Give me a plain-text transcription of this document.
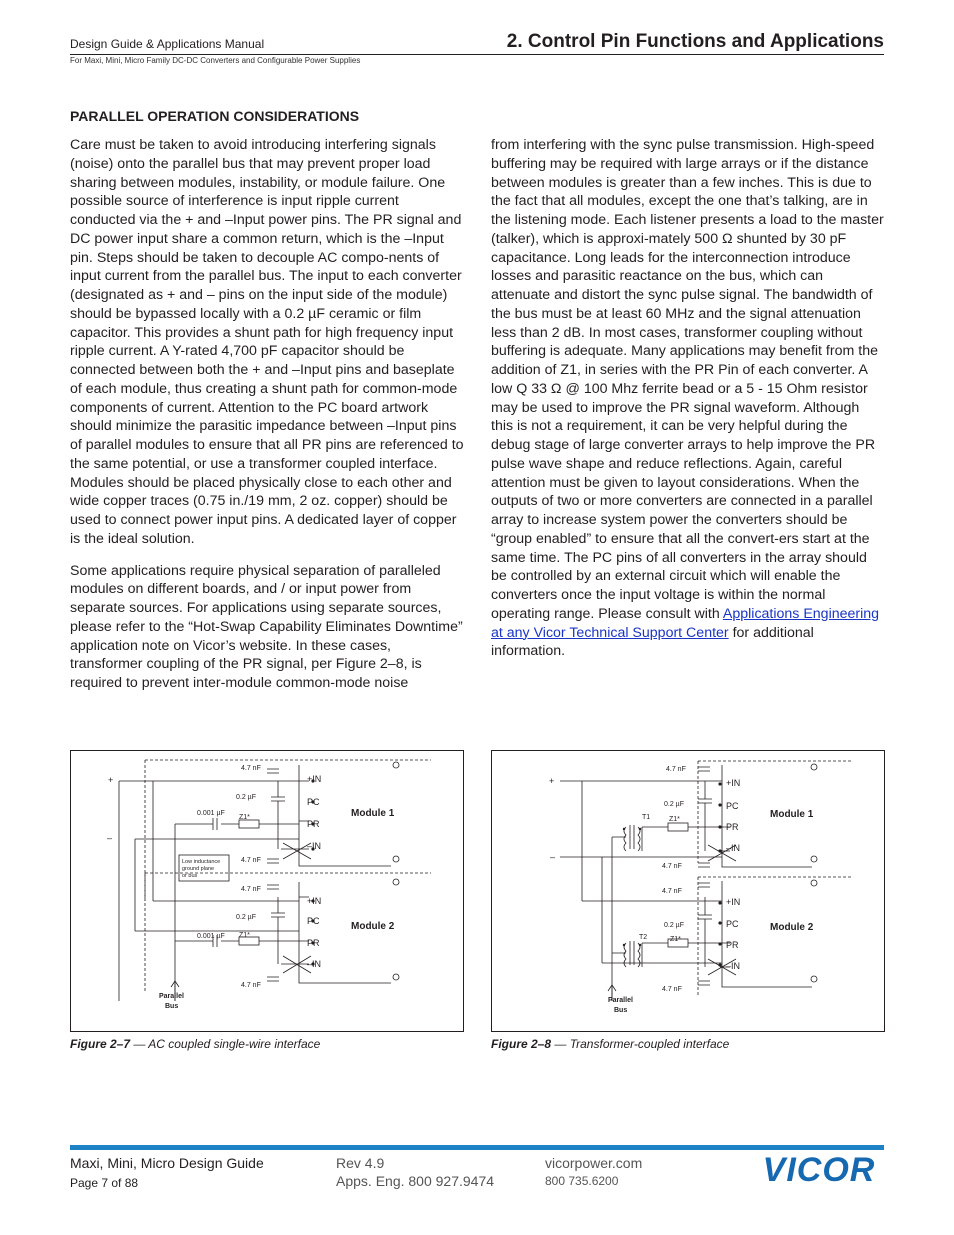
Design Guide & Applications Manual
For Maxi, Mini, Micro Family DC-DC Converters and Configurable Power Supplies
2. Control Pin Functions and Applications
PARALLEL OPERATION CONSIDERATIONS

Care must be taken to avoid introducing interfering signals (noise) onto the parallel bus that may prevent proper load sharing between modules, instability, or module failure. One possible source of interference is input ripple current conducted via the + and –Input power pins. The PR signal and DC power input share a common return, which is the –Input pin. Steps should be taken to decouple AC compo-nents of input current from the parallel bus. The input to each converter (designated as + and – pins on the input side of the module) should be bypassed locally with a 0.2 µF ceramic or film capacitor. This provides a shunt path for high frequency input ripple current. A Y-rated 4,700 pF capacitor should be connected between both the + and –Input pins and baseplate of each module, thus creating a shunt path for common-mode components of current. Attention to the PC board artwork should minimize the parasitic impedance between –Input pins of parallel modules to ensure that all PR pins are referenced to the same potential, or use a transformer coupled interface. Modules should be placed physically close to each other and wide copper traces (0.75 in./19 mm, 2 oz. copper) should be used to connect power input pins. A dedicated layer of copper is the ideal solution.

Some applications require physical separation of paralleled modules on different boards, and / or input power from separate sources. For applications using separate sources, please refer to the “Hot-Swap Capability Eliminates Downtime” application note on Vicor’s website. In these cases, transformer coupling of the PR signal, per Figure 2–8, is required to prevent inter-module common-mode noise

from interfering with the sync pulse transmission. High-speed buffering may be required with large arrays or if the distance between modules is greater than a few inches. This is due to the fact that all modules, except the one that’s talking, are in the listening mode. Each listener presents a load to the master (talker), which is approxi-mately 500 Ω shunted by 30 pF capacitance. Long leads for the interconnection introduce losses and parasitic reactance on the bus, which can attenuate and distort the sync pulse signal. The bandwidth of the bus must be at least 60 MHz and the signal attenuation less than 2 dB. In most cases, transformer coupling without buffering is adequate. Many applications may benefit from the addition of Z1, in series with the PR Pin of each converter. A low Q 33 Ω @ 100 Mhz ferrite bead or a 5 - 15 Ohm resistor may be used to improve the PR signal waveform. Although this is not a requirement, it can be very helpful during the debug stage of large converter arrays to help improve the PR pulse wave shape and reduce reflections. Again, careful attention must be given to layout considerations. When the outputs of two or more converters are connected in a parallel array to increase system power the converters should be “group enabled” to ensure that all the convert-ers start at the same time. The PC pins of all converters in the array should be controlled by an external circuit which will enable the converters once the input voltage is within the normal operating range. Please consult with Applications Engineering at any Vicor Technical Support Center for additional information.

+
–
4.7 nF
0.2 µF
0.001 µF
Z1*
4.7 nF
4.7 nF
0.2 µF
0.001 µF Z1*
4.7 nF
+IN
PC
PR
–IN
Module 1
+IN
PC
PR
–IN
Module 2
Low inductance
ground plane
or bus
Parallel
Bus
Figure 2–7 — AC coupled single-wire interface
+
–
4.7 nF
0.2 µF
T1	Z1*
4.7 nF
4.7 nF
0.2 µF
T2	Z1*
4.7 nF
+IN
PC
PR
–IN
Module 1
+IN
PC
PR
–IN
Module 2
Parallel
Bus
Figure 2–8 — Transformer-coupled interface
Maxi, Mini, Micro Design Guide
Page 7 of 88
Rev 4.9
Apps. Eng. 800 927.9474
vicorpower.com
800 735.6200	VICOR
